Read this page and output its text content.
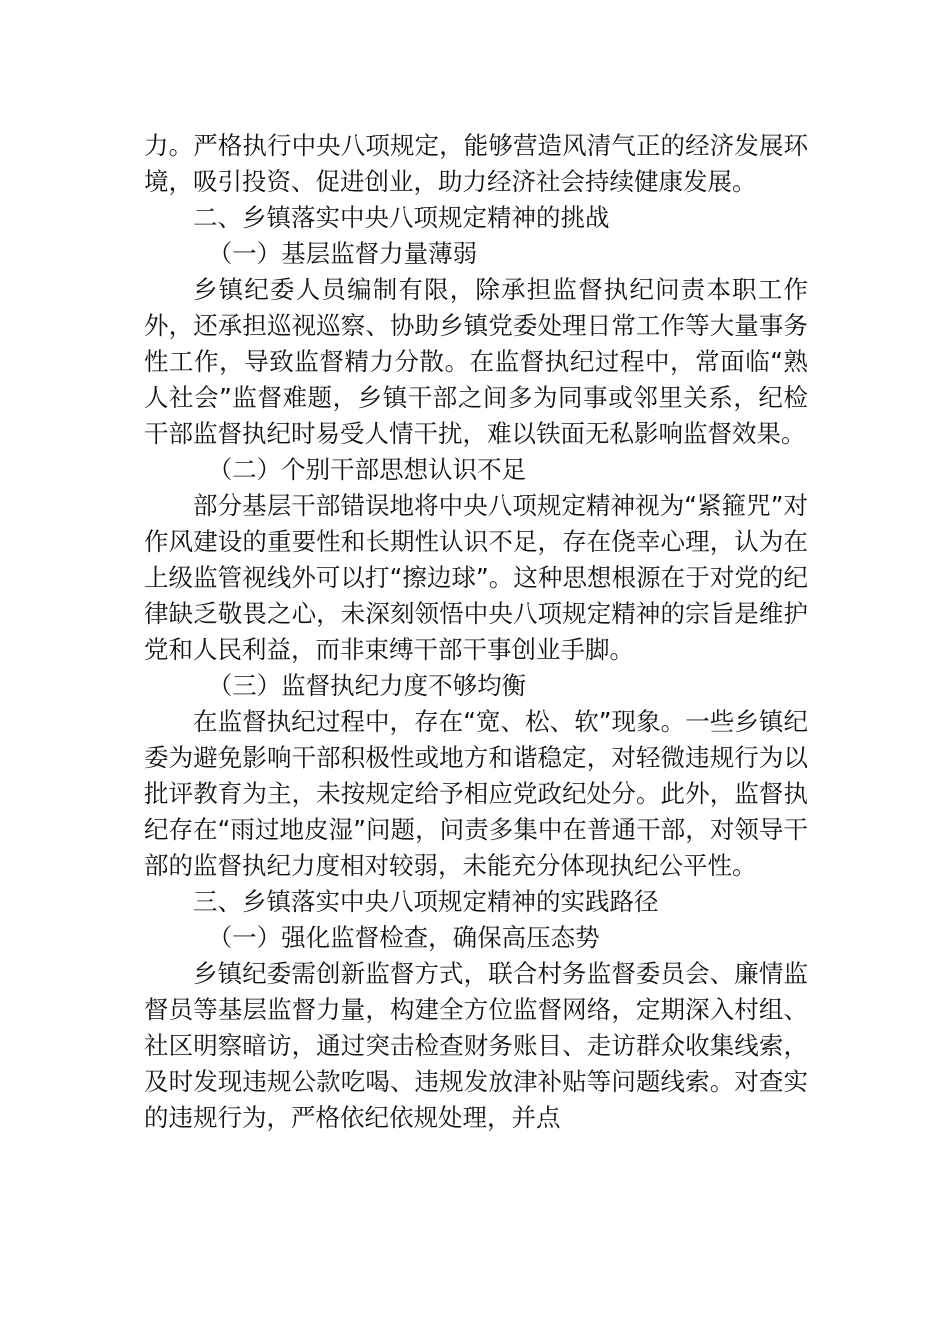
力。严格执行中央八项规定，能够营造风清气正的经济发展环境，吸引投资、促进创业，助力经济社会持续健康发展。

二、乡镇落实中央八项规定精神的挑战

（一）基层监督力量薄弱

乡镇纪委人员编制有限，除承担监督执纪问责本职工作外，还承担巡视巡察、协助乡镇党委处理日常工作等大量事务性工作，导致监督精力分散。在监督执纪过程中，常面临“熟人社会”监督难题，乡镇干部之间多为同事或邻里关系，纪检干部监督执纪时易受人情干扰，难以铁面无私影响监督效果。

（二）个别干部思想认识不足

部分基层干部错误地将中央八项规定精神视为“紧箍咒”对作风建设的重要性和长期性认识不足，存在侥幸心理，认为在上级监管视线外可以打“擦边球”。这种思想根源在于对党的纪律缺乏敬畏之心，未深刻领悟中央八项规定精神的宗旨是维护党和人民利益，而非束缚干部干事创业手脚。

（三）监督执纪力度不够均衡

在监督执纪过程中，存在“宽、松、软”现象。一些乡镇纪委为避免影响干部积极性或地方和谐稳定，对轻微违规行为以批评教育为主，未按规定给予相应党政纪处分。此外，监督执纪存在“雨过地皮湿”问题，问责多集中在普通干部，对领导干部的监督执纪力度相对较弱，未能充分体现执纪公平性。

三、乡镇落实中央八项规定精神的实践路径

（一）强化监督检查，确保高压态势

乡镇纪委需创新监督方式，联合村务监督委员会、廉情监督员等基层监督力量，构建全方位监督网络，定期深入村组、社区明察暗访，通过突击检查财务账目、走访群众收集线索，及时发现违规公款吃喝、违规发放津补贴等问题线索。对查实的违规行为，严格依纪依规处理，并点
